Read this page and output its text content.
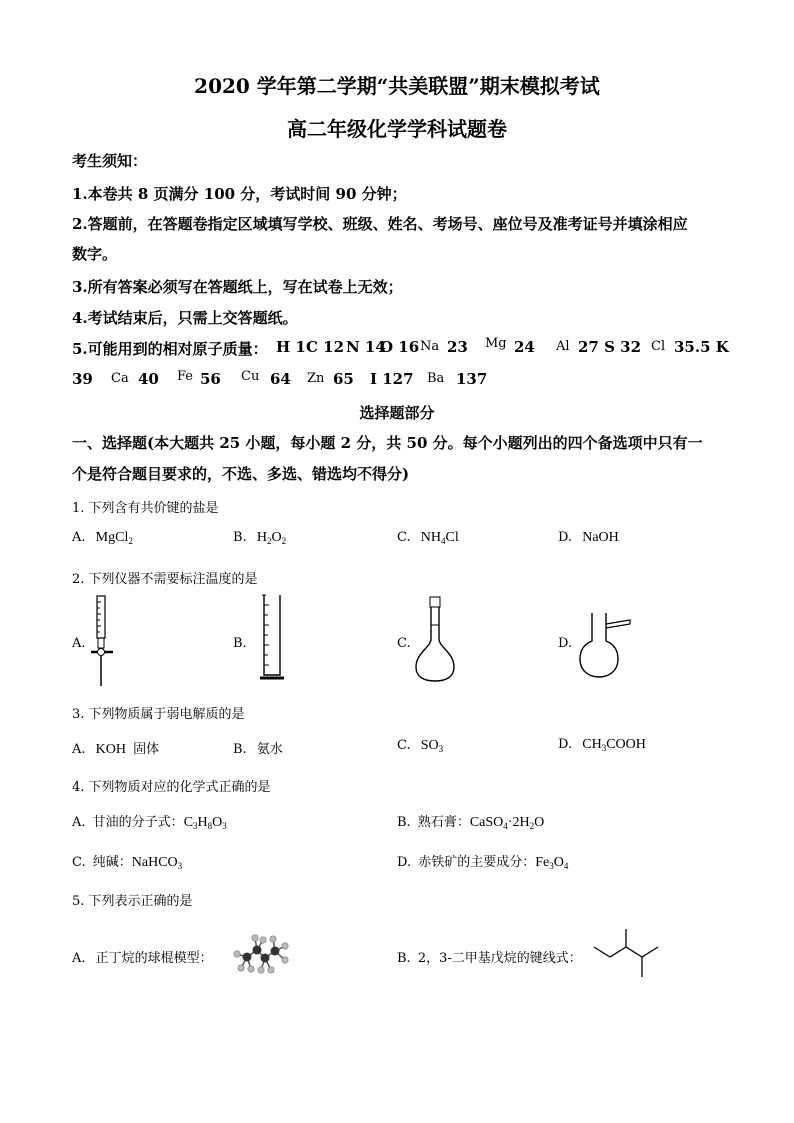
2020 学年第二学期“共美联盟”期末模拟考试
高二年级化学学科试题卷
考生须知：
1.本卷共 8 页满分 100 分，考试时间 90 分钟；
2.答题前，在答题卷指定区域填写学校、班级、姓名、考场号、座位号及准考证号并填涂相应
数字。
3.所有答案必须写在答题纸上，写在试卷上无效；
4.考试结束后，只需上交答题纸。
5.可能用到的相对原子质量： H 1 C 12 N 14
O 16 Na 23 Mg 24 Al 27 S 32 Cl 35.5 K
39 Ca 40 Fe 56 Cu 64 Zn 65 I 127 Ba 137
选择题部分
一、选择题(本大题共 25 小题，每小题 2 分，共 50 分。每个小题列出的四个备选项中只有一
个是符合题目要求的，不选、多选、错选均不得分)
1. 下列含有共价键的盐是
A. MgCl$_2$	B. $H_2O_2$	C. $NH_4Cl$	D. NaOH
2. 下列仪器不需要标注温度的是
A.	B.	C.	D.
3. 下列物质属于弱电解质的是
A. KOH 固体	B. 氨水	C. $SO_3$	D. $CH_3COOH$
4. 下列物质对应的化学式正确的是
A. 甘油的分子式：$C_3H_8O_3$	B. 熟石膏：$CaSO_4\cdot 2H_2O$
C. 纯碱：NaHCO$_3$	D. 赤铁矿的主要成分：$Fe_3O_4$
5. 下列表示正确的是
A. 正丁烷的球棍模型：	B. 2，3-二甲基戊烷的键线式：
